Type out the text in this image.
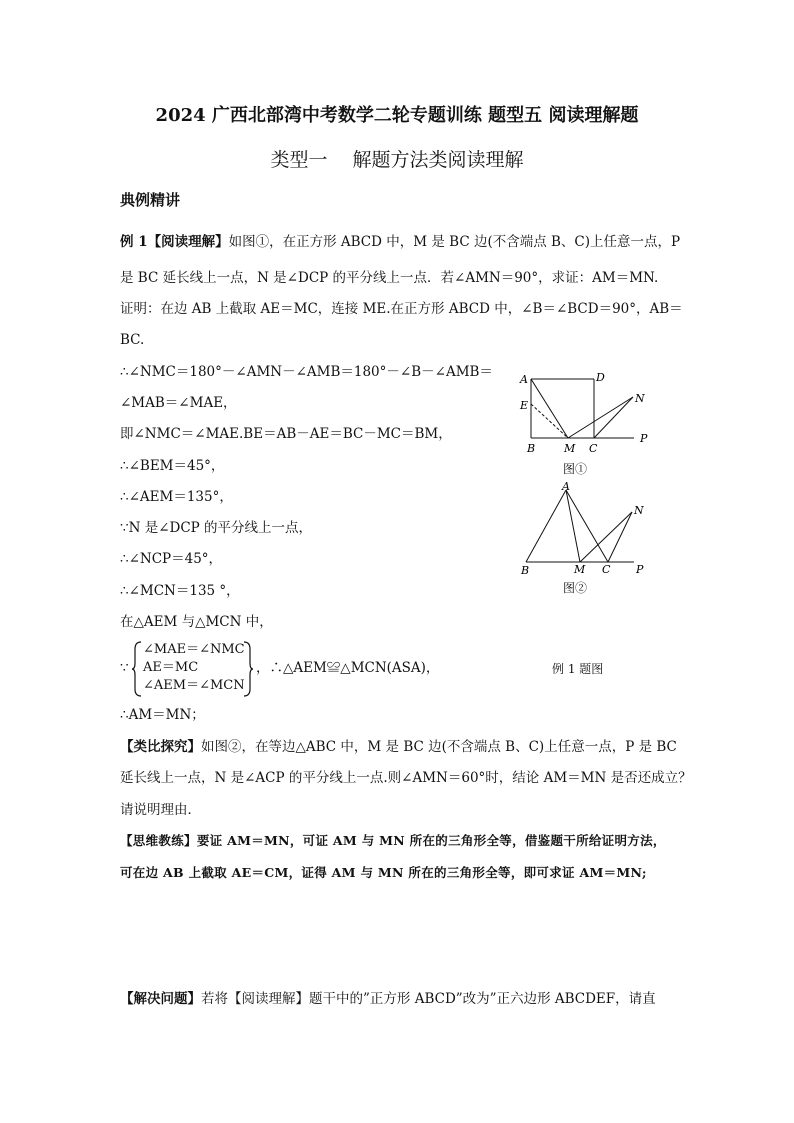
2024 广西北部湾中考数学二轮专题训练 题型五 阅读理解题
类型一　 解题方法类阅读理解
典例精讲
例 1【阅读理解】如图①，在正方形 ABCD 中，M 是 BC 边(不含端点 B、C)上任意一点，P
是 BC 延长线上一点，N 是∠DCP 的平分线上一点．若∠AMN＝90°，求证：AM＝MN.
证明：在边 AB 上截取 AE＝MC，连接 ME.在正方形 ABCD 中，∠B＝∠BCD＝90°，AB＝
BC.
∴∠NMC＝180°－∠AMN－∠AMB＝180°－∠B－∠AMB＝
∠MAB＝∠MAE，
即∠NMC＝∠MAE.BE＝AB－AE＝BC－MC＝BM，
∴∠BEM＝45°，
∴∠AEM＝135°，
∵N 是∠DCP 的平分线上一点，
∴∠NCP＝45°，
∴∠MCN＝135 °，
在△AEM 与△MCN 中，
∵
∠MAE＝∠NMC
AE＝MC
∠AEM＝∠MCN
，∴△AEM≌△MCN(ASA)，	例 1 题图
∴AM＝MN；
A	D
E
N
B	M C
P
图①
A
N
B	M C P
图②
【类比探究】如图②，在等边△ABC 中，M 是 BC 边(不含端点 B、C)上任意一点，P 是 BC
延长线上一点，N 是∠ACP 的平分线上一点.则∠AMN＝60°时，结论 AM＝MN 是否还成立？
请说明理由．
【思维教练】要证 AM＝MN，可证 AM 与 MN 所在的三角形全等，借鉴题干所给证明方法，
可在边 AB 上截取 AE＝CM，证得 AM 与 MN 所在的三角形全等，即可求证 AM＝MN;
【解决问题】若将【阅读理解】题干中的”正方形 ABCD”改为”正六边形 ABCDEF，请直
